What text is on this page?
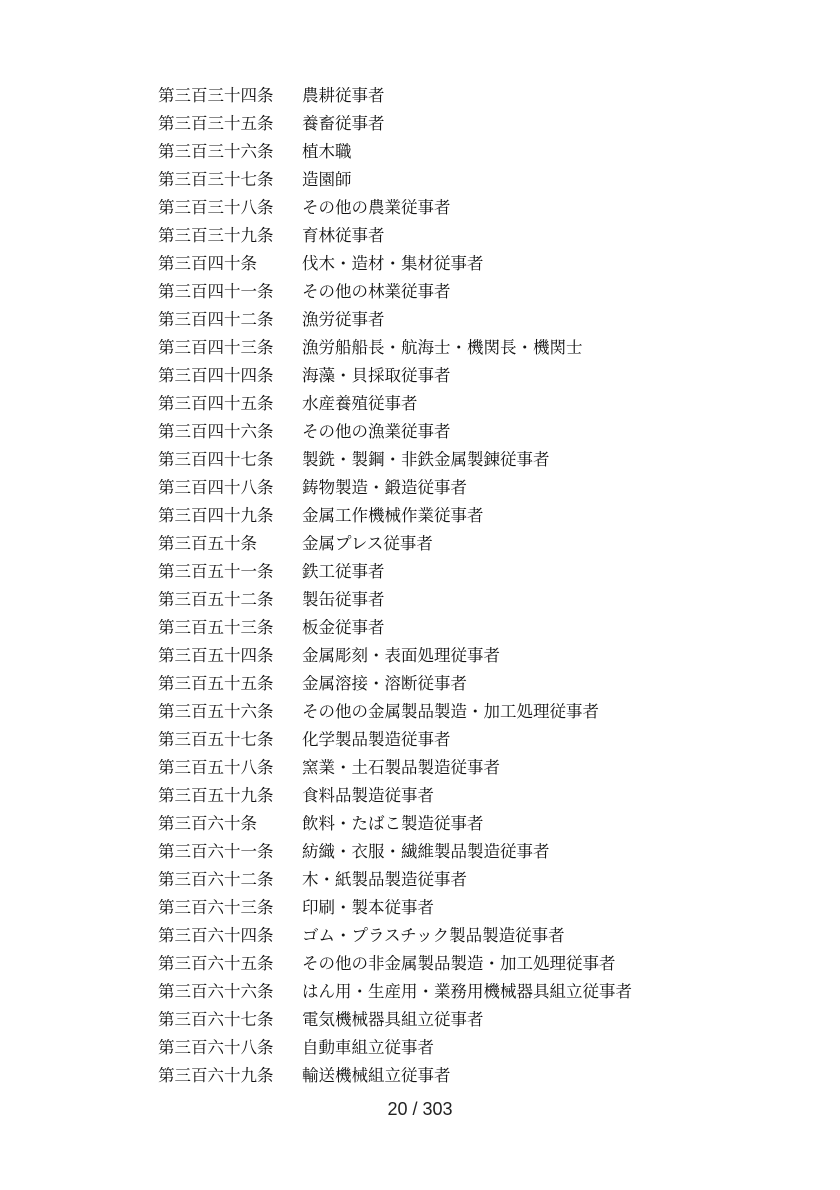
第三百三十四条	農耕従事者
第三百三十五条	養畜従事者
第三百三十六条	植木職
第三百三十七条	造園師
第三百三十八条	その他の農業従事者
第三百三十九条	育林従事者
第三百四十条	伐木・造材・集材従事者
第三百四十一条	その他の林業従事者
第三百四十二条	漁労従事者
第三百四十三条	漁労船船長・航海士・機関長・機関士
第三百四十四条	海藻・貝採取従事者
第三百四十五条	水産養殖従事者
第三百四十六条	その他の漁業従事者
第三百四十七条	製銑・製鋼・非鉄金属製錬従事者
第三百四十八条	鋳物製造・鍛造従事者
第三百四十九条	金属工作機械作業従事者
第三百五十条	金属プレス従事者
第三百五十一条	鉄工従事者
第三百五十二条	製缶従事者
第三百五十三条	板金従事者
第三百五十四条	金属彫刻・表面処理従事者
第三百五十五条	金属溶接・溶断従事者
第三百五十六条	その他の金属製品製造・加工処理従事者
第三百五十七条	化学製品製造従事者
第三百五十八条	窯業・土石製品製造従事者
第三百五十九条	食料品製造従事者
第三百六十条	飲料・たばこ製造従事者
第三百六十一条	紡織・衣服・繊維製品製造従事者
第三百六十二条	木・紙製品製造従事者
第三百六十三条	印刷・製本従事者
第三百六十四条	ゴム・プラスチック製品製造従事者
第三百六十五条	その他の非金属製品製造・加工処理従事者
第三百六十六条	はん用・生産用・業務用機械器具組立従事者
第三百六十七条	電気機械器具組立従事者
第三百六十八条	自動車組立従事者
第三百六十九条	輸送機械組立従事者
20 / 303
